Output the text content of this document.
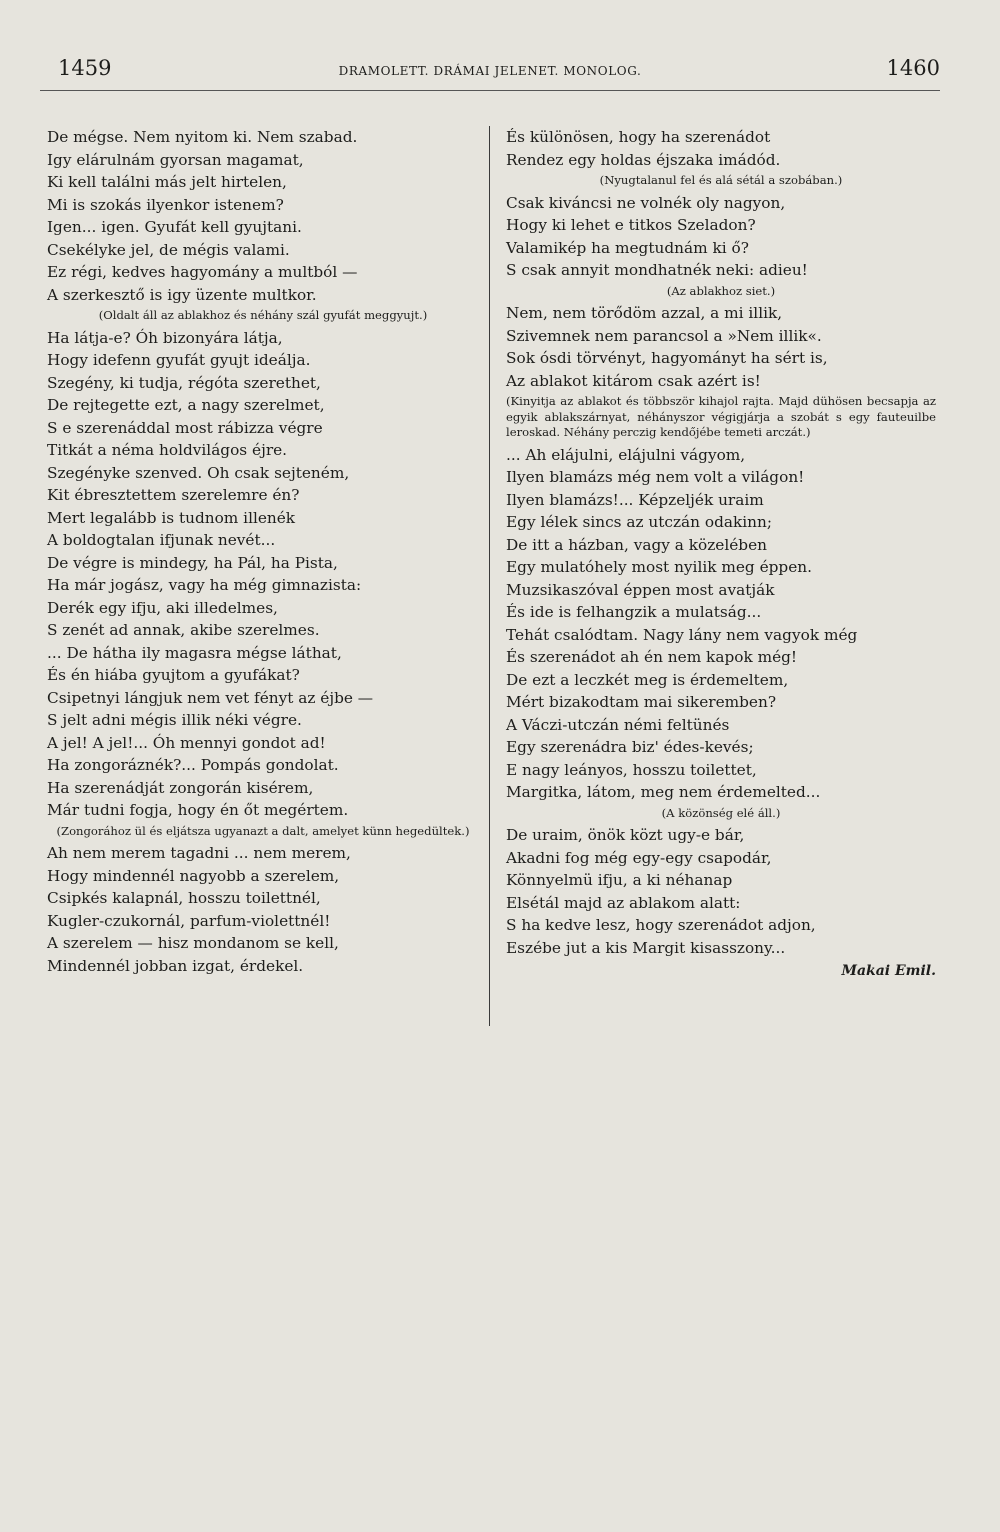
1459	DRAMOLETT. DRÁMAI JELENET. MONOLOG.	1460
De mégse. Nem nyitom ki. Nem szabad.
Igy elárulnám gyorsan magamat,
Ki kell találni más jelt hirtelen,
Mi is szokás ilyenkor istenem?
Igen... igen. Gyufát kell gyujtani.
Csekélyke jel, de mégis valami.
Ez régi, kedves hagyomány a multból —
A szerkesztő is igy üzente multkor.
(Oldalt áll az ablakhoz és néhány szál gyufát meggyujt.)
Ha látja-e? Óh bizonyára látja,
Hogy idefenn gyufát gyujt ideálja.
Szegény, ki tudja, régóta szerethet,
De rejtegette ezt, a nagy szerelmet,
S e szerenáddal most rábizza végre
Titkát a néma holdvilágos éjre.
Szegényke szenved. Oh csak sejteném,
Kit ébresztettem szerelemre én?
Mert legalább is tudnom illenék
A boldogtalan ifjunak nevét...
De végre is mindegy, ha Pál, ha Pista,
Ha már jogász, vagy ha még gimnazista:
Derék egy ifju, aki illedelmes,
S zenét ad annak, akibe szerelmes.
... De hátha ily magasra mégse láthat,
És én hiába gyujtom a gyufákat?
Csipetnyi lángjuk nem vet fényt az éjbe —
S jelt adni mégis illik néki végre.
A jel! A jel!... Óh mennyi gondot ad!
Ha zongoráznék?... Pompás gondolat.
Ha szerenádját zongorán kisérem,
Már tudni fogja, hogy én őt megértem.
(Zongorához ül és eljátsza ugyanazt a dalt, amelyet künn hegedültek.)
Ah nem merem tagadni ... nem merem,
Hogy mindennél nagyobb a szerelem,
Csipkés kalapnál, hosszu toilettnél,
Kugler-czukornál, parfum-violettnél!
A szerelem — hisz mondanom se kell,
Mindennél jobban izgat, érdekel.
És különösen, hogy ha szerenádot
Rendez egy holdas éjszaka imádód.
(Nyugtalanul fel és alá sétál a szobában.)
Csak kiváncsi ne volnék oly nagyon,
Hogy ki lehet e titkos Szeladon?
Valamikép ha megtudnám ki ő?
S csak annyit mondhatnék neki: adieu!
(Az ablakhoz siet.)
Nem, nem törődöm azzal, a mi illik,
Szivemnek nem parancsol a »Nem illik«.
Sok ósdi törvényt, hagyományt ha sért is,
Az ablakot kitárom csak azért is!
(Kinyitja az ablakot és többször kihajol rajta. Majd dühösen becsapja az egyik ablakszárnyat, néhányszor végigjárja a szobát s egy fauteuilbe leroskad. Néhány perczig kendőjébe temeti arczát.)
... Ah elájulni, elájulni vágyom,
Ilyen blamázs még nem volt a világon!
Ilyen blamázs!... Képzeljék uraim
Egy lélek sincs az utczán odakinn;
De itt a házban, vagy a közelében
Egy mulatóhely most nyilik meg éppen.
Muzsikaszóval éppen most avatják
És ide is felhangzik a mulatság...
Tehát csalódtam. Nagy lány nem vagyok még
És szerenádot ah én nem kapok még!
De ezt a leczkét meg is érdemeltem,
Mért bizakodtam mai sikeremben?
A Váczi-utczán némi feltünés
Egy szerenádra biz' édes-kevés;
E nagy leányos, hosszu toilettet,
Margitka, látom, meg nem érdemelted...
(A közönség elé áll.)
De uraim, önök közt ugy-e bár,
Akadni fog még egy-egy csapodár,
Könnyelmü ifju, a ki néhanap
Elsétál majd az ablakom alatt:
S ha kedve lesz, hogy szerenádot adjon,
Eszébe jut a kis Margit kisasszony...
Makai Emil.
